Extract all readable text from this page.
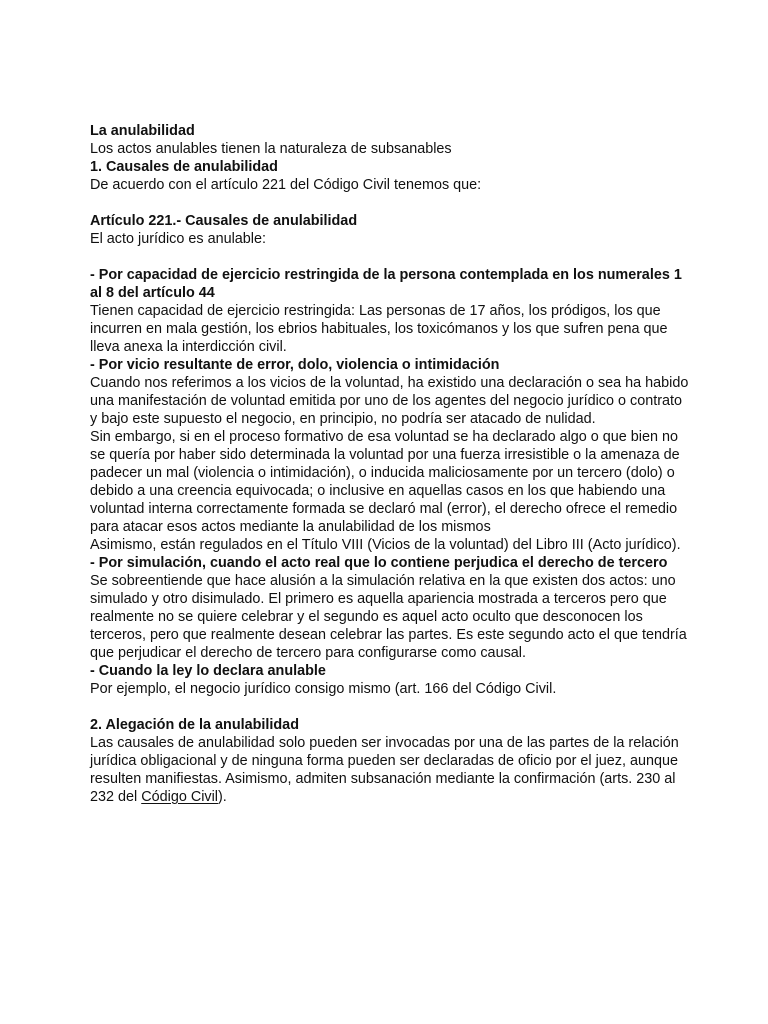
La anulabilidad

Los actos anulables tienen la naturaleza de subsanables

1. Causales de anulabilidad

De acuerdo con el artículo 221 del Código Civil tenemos que:

Artículo 221.- Causales de anulabilidad

El acto jurídico es anulable:

- Por capacidad de ejercicio restringida de la persona contemplada en los numerales 1 al 8 del artículo 44

Tienen capacidad de ejercicio restringida: Las personas de 17 años, los pródigos, los que incurren en mala gestión, los ebrios habituales, los toxicómanos y los que sufren pena que lleva anexa la interdicción civil.

- Por vicio resultante de error, dolo, violencia o intimidación

Cuando nos referimos a los vicios de la voluntad, ha existido una declaración o sea ha habido una manifestación de voluntad emitida por uno de los agentes del negocio jurídico o contrato y bajo este supuesto el negocio, en principio, no podría ser atacado de nulidad.

Sin embargo, si en el proceso formativo de esa voluntad se ha declarado algo o que bien no se quería por haber sido determinada la voluntad por una fuerza irresistible o la amenaza de padecer un mal (violencia o intimidación), o inducida maliciosamente por un tercero (dolo) o debido a una creencia equivocada; o inclusive en aquellas casos en los que habiendo una voluntad interna correctamente formada se declaró mal (error), el derecho ofrece el remedio para atacar esos actos mediante la anulabilidad de los mismos

Asimismo, están regulados en el Título VIII (Vicios de la voluntad) del Libro III (Acto jurídico).

- Por simulación, cuando el acto real que lo contiene perjudica el derecho de tercero

Se sobreentiende que hace alusión a la simulación relativa en la que existen dos actos: uno simulado y otro disimulado. El primero es aquella apariencia mostrada a terceros pero que realmente no se quiere celebrar y el segundo es aquel acto oculto que desconocen los terceros, pero que realmente desean celebrar las partes. Es este segundo acto el que tendría que perjudicar el derecho de tercero para configurarse como causal.

- Cuando la ley lo declara anulable

Por ejemplo, el negocio jurídico consigo mismo (art. 166 del Código Civil.

2. Alegación de la anulabilidad

Las causales de anulabilidad solo pueden ser invocadas por una de las partes de la relación jurídica obligacional y de ninguna forma pueden ser declaradas de oficio por el juez, aunque resulten manifiestas. Asimismo, admiten subsanación mediante la confirmación (arts. 230 al 232 del Código Civil).
